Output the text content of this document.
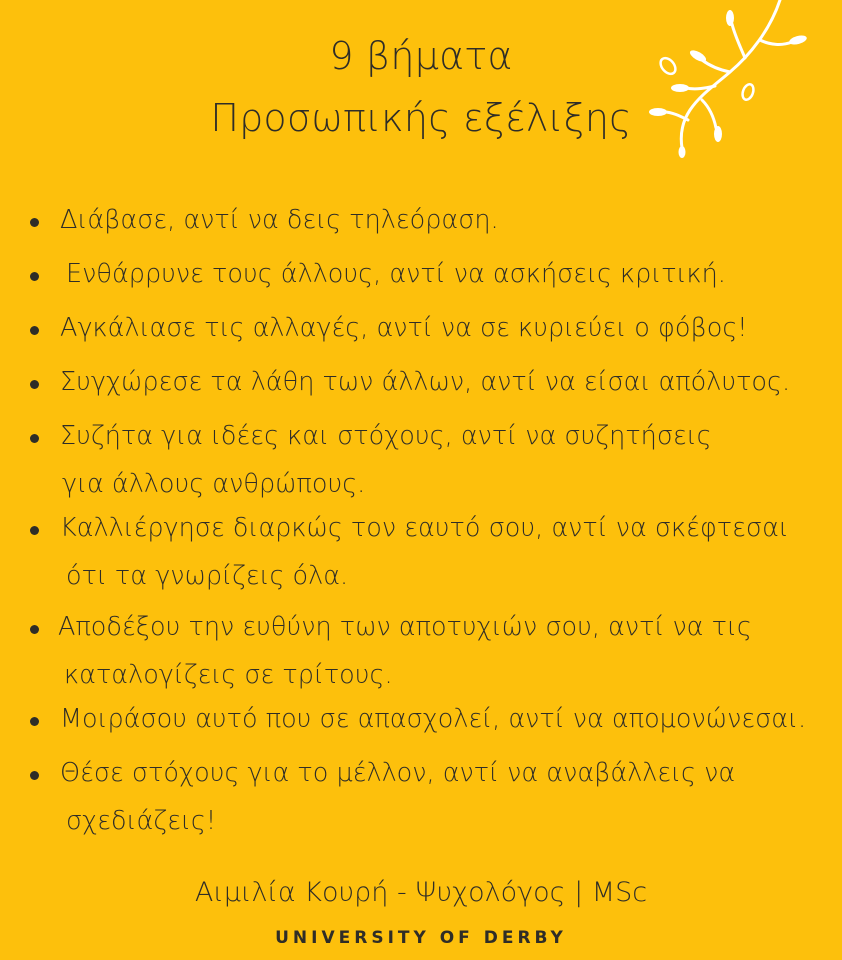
9 βήματα
Προσωπικής εξέλιξης
Διάβασε, αντί να δεις τηλεόραση.
Ενθάρρυνε τους άλλους, αντί να ασκήσεις κριτική.
Αγκάλιασε τις αλλαγές, αντί να σε κυριεύει ο φόβος!
Συγχώρεσε τα λάθη των άλλων, αντί να είσαι απόλυτος.
Συζήτα για ιδέες και στόχους, αντί να συζητήσεις
για άλλους ανθρώπους.
Καλλιέργησε διαρκώς τον εαυτό σου, αντί να σκέφτεσαι
ότι τα γνωρίζεις όλα.
Αποδέξου την ευθύνη των αποτυχιών σου, αντί να τις
καταλογίζεις σε τρίτους.
Μοιράσου αυτό που σε απασχολεί, αντί να απομονώνεσαι.
Θέσε στόχους για το μέλλον, αντί να αναβάλλεις να
σχεδιάζεις!
Αιμιλία Κουρή - Ψυχολόγος | MSc
UNIVERSITY OF DERBY
